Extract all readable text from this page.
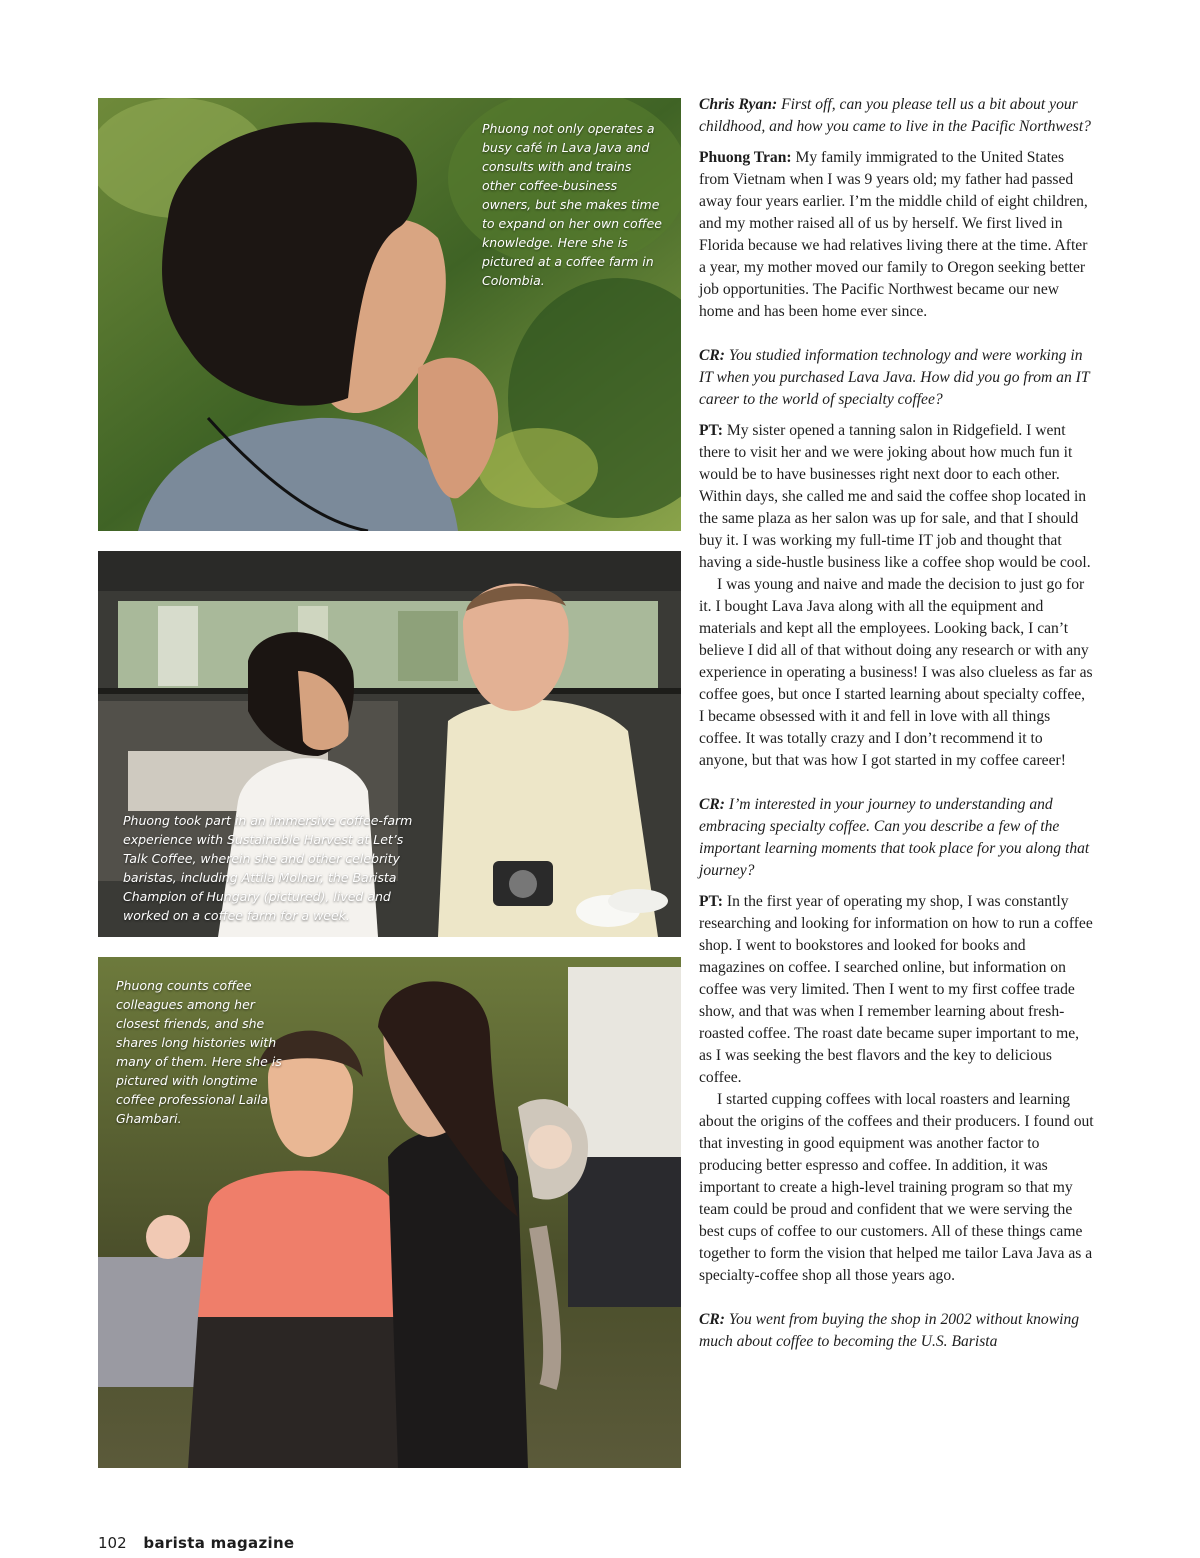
Phuong not only operates a busy café in Lava Java and consults with and trains other coffee-business owners, but she makes time to expand on her own coffee knowledge. Here she is pictured at a coffee farm in Colombia.
Phuong took part in an immersive coffee-farm experience with Sustainable Harvest at Let’s Talk Coffee, wherein she and other celebrity baristas, including Attila Molnar, the Barista Champion of Hungary (pictured), lived and worked on a coffee farm for a week.
Phuong counts coffee colleagues among her closest friends, and she shares long histories with many of them. Here she is pictured with longtime coffee professional Laila Ghambari.

Chris Ryan: First off, can you please tell us a bit about your childhood, and how you came to live in the Pacific Northwest?

Phuong Tran: My family immigrated to the United States from Vietnam when I was 9 years old; my father had passed away four years earlier. I’m the middle child of eight children, and my mother raised all of us by herself. We first lived in Florida because we had relatives living there at the time. After a year, my mother moved our family to Oregon seeking better job opportunities. The Pacific Northwest became our new home and has been home ever since.

CR: You studied information technology and were working in IT when you purchased Lava Java. How did you go from an IT career to the world of specialty coffee?

PT: My sister opened a tanning salon in Ridgefield. I went there to visit her and we were joking about how much fun it would be to have businesses right next door to each other. Within days, she called me and said the coffee shop located in the same plaza as her salon was up for sale, and that I should buy it. I was working my full-time IT job and thought that having a side-hustle business like a coffee shop would be cool.

I was young and naive and made the decision to just go for it. I bought Lava Java along with all the equipment and materials and kept all the employees. Looking back, I can’t believe I did all of that without doing any research or with any experience in operating a business! I was also clueless as far as coffee goes, but once I started learning about specialty coffee, I became obsessed with it and fell in love with all things coffee. It was totally crazy and I don’t recommend it to anyone, but that was how I got started in my coffee career!

CR: I’m interested in your journey to understanding and embracing specialty coffee. Can you describe a few of the important learning moments that took place for you along that journey?

PT: In the first year of operating my shop, I was constantly researching and looking for information on how to run a coffee shop. I went to bookstores and looked for books and magazines on coffee. I searched online, but information on coffee was very limited. Then I went to my first coffee trade show, and that was when I remember learning about fresh-roasted coffee. The roast date became super important to me, as I was seeking the best flavors and the key to delicious coffee.

I started cupping coffees with local roasters and learning about the origins of the coffees and their producers. I found out that investing in good equipment was another factor to producing better espresso and coffee. In addition, it was important to create a high-level training program so that my team could be proud and confident that we were serving the best cups of coffee to our customers. All of these things came together to form the vision that helped me tailor Lava Java as a specialty-coffee shop all those years ago.

CR: You went from buying the shop in 2002 without knowing much about coffee to becoming the U.S. Barista

102 barista magazine
